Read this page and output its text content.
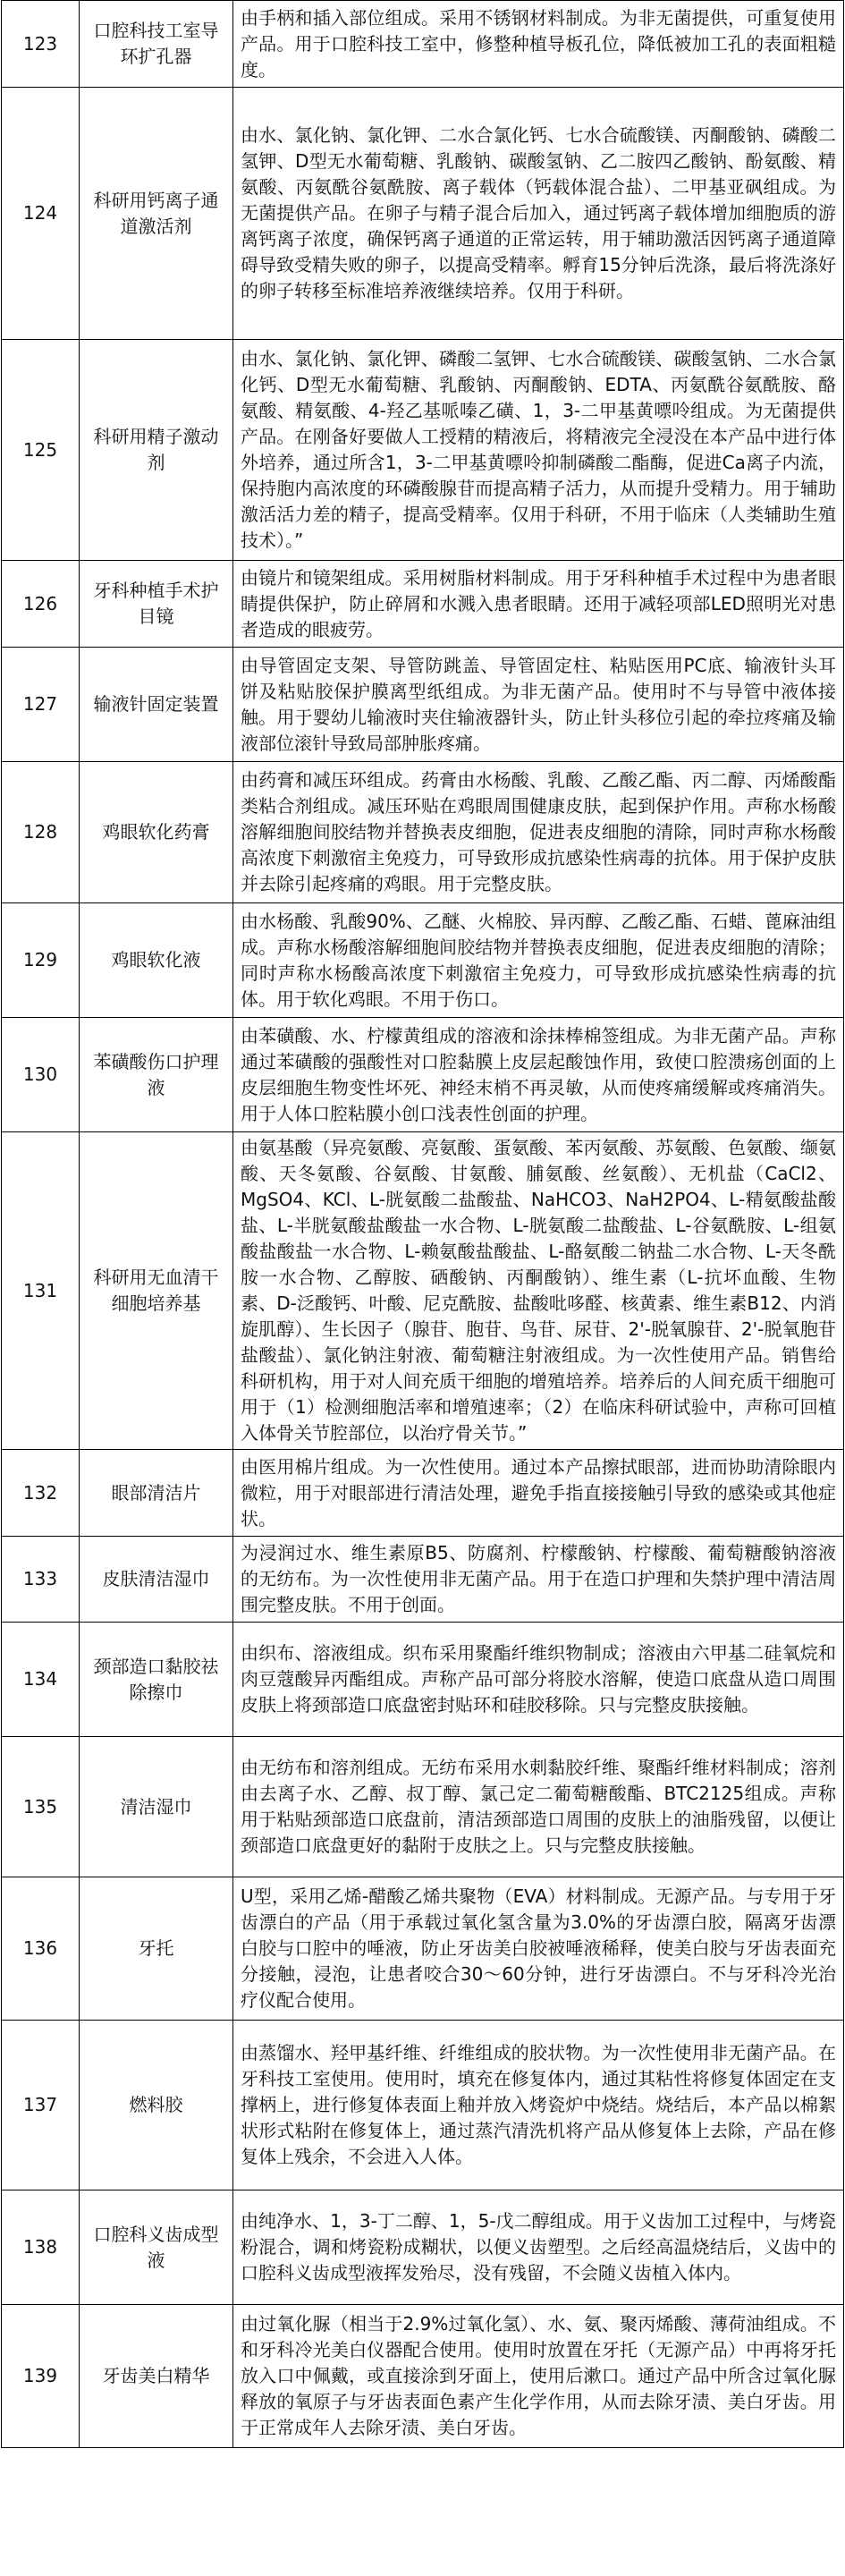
123	口腔科技工室导环扩孔器	由手柄和插入部位组成。采用不锈钢材料制成。为非无菌提供，可重复使用产品。用于口腔科技工室中，修整种植导板孔位，降低被加工孔的表面粗糙度。
124	科研用钙离子通道激活剂	由水、氯化钠、氯化钾、二水合氯化钙、七水合硫酸镁、丙酮酸钠、磷酸二氢钾、D型无水葡萄糖、乳酸钠、碳酸氢钠、乙二胺四乙酸钠、酚氨酸、精氨酸、丙氨酰谷氨酰胺、离子载体（钙载体混合盐）、二甲基亚砜组成。为无菌提供产品。在卵子与精子混合后加入，通过钙离子载体增加细胞质的游离钙离子浓度，确保钙离子通道的正常运转，用于辅助激活因钙离子通道障碍导致受精失败的卵子，以提高受精率。孵育15分钟后洗涤，最后将洗涤好的卵子转移至标准培养液继续培养。仅用于科研。
125	科研用精子激动剂	由水、氯化钠、氯化钾、磷酸二氢钾、七水合硫酸镁、碳酸氢钠、二水合氯化钙、D型无水葡萄糖、乳酸钠、丙酮酸钠、EDTA、丙氨酰谷氨酰胺、酪氨酸、精氨酸、4-羟乙基哌嗪乙磺、1，3-二甲基黄嘌呤组成。为无菌提供产品。在刚备好要做人工授精的精液后，将精液完全浸没在本产品中进行体外培养，通过所含1，3-二甲基黄嘌呤抑制磷酸二酯酶，促进Ca离子内流，保持胞内高浓度的环磷酸腺苷而提高精子活力，从而提升受精力。用于辅助激活活力差的精子，提高受精率。仅用于科研，不用于临床（人类辅助生殖技术）。”
126	牙科种植手术护目镜	由镜片和镜架组成。采用树脂材料制成。用于牙科种植手术过程中为患者眼睛提供保护，防止碎屑和水溅入患者眼睛。还用于减轻项部LED照明光对患者造成的眼疲劳。
127	输液针固定装置	由导管固定支架、导管防跳盖、导管固定柱、粘贴医用PC底、输液针头耳饼及粘贴胶保护膜离型纸组成。为非无菌产品。使用时不与导管中液体接触。用于婴幼儿输液时夹住输液器针头，防止针头移位引起的牵拉疼痛及输液部位滚针导致局部肿胀疼痛。
128	鸡眼软化药膏	由药膏和减压环组成。药膏由水杨酸、乳酸、乙酸乙酯、丙二醇、丙烯酸酯类粘合剂组成。减压环贴在鸡眼周围健康皮肤，起到保护作用。声称水杨酸溶解细胞间胶结物并替换表皮细胞，促进表皮细胞的清除，同时声称水杨酸高浓度下刺激宿主免疫力，可导致形成抗感染性病毒的抗体。用于保护皮肤并去除引起疼痛的鸡眼。用于完整皮肤。
129	鸡眼软化液	由水杨酸、乳酸90%、乙醚、火棉胶、异丙醇、乙酸乙酯、石蜡、蓖麻油组成。声称水杨酸溶解细胞间胶结物并替换表皮细胞，促进表皮细胞的清除；同时声称水杨酸高浓度下刺激宿主免疫力，可导致形成抗感染性病毒的抗体。用于软化鸡眼。不用于伤口。
130	苯磺酸伤口护理液	由苯磺酸、水、柠檬黄组成的溶液和涂抹棒棉签组成。为非无菌产品。声称通过苯磺酸的强酸性对口腔黏膜上皮层起酸蚀作用，致使口腔溃疡创面的上皮层细胞生物变性坏死、神经末梢不再灵敏，从而使疼痛缓解或疼痛消失。用于人体口腔粘膜小创口浅表性创面的护理。
131	科研用无血清干细胞培养基	由氨基酸（异亮氨酸、亮氨酸、蛋氨酸、苯丙氨酸、苏氨酸、色氨酸、缬氨酸、天冬氨酸、谷氨酸、甘氨酸、脯氨酸、丝氨酸）、无机盐（CaCl2、MgSO4、KCl、L-胱氨酸二盐酸盐、NaHCO3、NaH2PO4、L-精氨酸盐酸盐、L-半胱氨酸盐酸盐一水合物、L-胱氨酸二盐酸盐、L-谷氨酰胺、L-组氨酸盐酸盐一水合物、L-赖氨酸盐酸盐、L-酪氨酸二钠盐二水合物、L-天冬酰胺一水合物、乙醇胺、硒酸钠、丙酮酸钠）、维生素（L-抗坏血酸、生物素、D-泛酸钙、叶酸、尼克酰胺、盐酸吡哆醛、核黄素、维生素B12、内消旋肌醇）、生长因子（腺苷、胞苷、鸟苷、尿苷、2'-脱氧腺苷、2'-脱氧胞苷盐酸盐）、氯化钠注射液、葡萄糖注射液组成。为一次性使用产品。销售给科研机构，用于对人间充质干细胞的增殖培养。培养后的人间充质干细胞可用于（1）检测细胞活率和增殖速率；（2）在临床科研试验中，声称可回植入体骨关节腔部位，以治疗骨关节。”
132	眼部清洁片	由医用棉片组成。为一次性使用。通过本产品擦拭眼部，进而协助清除眼内微粒，用于对眼部进行清洁处理，避免手指直接接触引导致的感染或其他症状。
133	皮肤清洁湿巾	为浸润过水、维生素原B5、防腐剂、柠檬酸钠、柠檬酸、葡萄糖酸钠溶液的无纺布。为一次性使用非无菌产品。用于在造口护理和失禁护理中清洁周围完整皮肤。不用于创面。
134	颈部造口黏胶祛除擦巾	由织布、溶液组成。织布采用聚酯纤维织物制成；溶液由六甲基二硅氧烷和肉豆蔻酸异丙酯组成。声称产品可部分将胶水溶解，使造口底盘从造口周围皮肤上将颈部造口底盘密封贴环和硅胶移除。只与完整皮肤接触。
135	清洁湿巾	由无纺布和溶剂组成。无纺布采用水刺黏胶纤维、聚酯纤维材料制成；溶剂由去离子水、乙醇、叔丁醇、氯己定二葡萄糖酸酯、BTC2125组成。声称用于粘贴颈部造口底盘前，清洁颈部造口周围的皮肤上的油脂残留，以便让颈部造口底盘更好的黏附于皮肤之上。只与完整皮肤接触。
136	牙托	U型，采用乙烯-醋酸乙烯共聚物（EVA）材料制成。无源产品。与专用于牙齿漂白的产品（用于承载过氧化氢含量为3.0%的牙齿漂白胶，隔离牙齿漂白胶与口腔中的唾液，防止牙齿美白胶被唾液稀释，使美白胶与牙齿表面充分接触，浸泡，让患者咬合30～60分钟，进行牙齿漂白。不与牙科冷光治疗仪配合使用。
137	燃料胶	由蒸馏水、羟甲基纤维、纤维组成的胶状物。为一次性使用非无菌产品。在牙科技工室使用。使用时，填充在修复体内，通过其粘性将修复体固定在支撑柄上，进行修复体表面上釉并放入烤瓷炉中烧结。烧结后，本产品以棉絮状形式粘附在修复体上，通过蒸汽清洗机将产品从修复体上去除，产品在修复体上残余，不会进入人体。
138	口腔科义齿成型液	由纯净水、1，3-丁二醇、1，5-戊二醇组成。用于义齿加工过程中，与烤瓷粉混合，调和烤瓷粉成糊状，以便义齿塑型。之后经高温烧结后，义齿中的口腔科义齿成型液挥发殆尽，没有残留，不会随义齿植入体内。
139	牙齿美白精华	由过氧化脲（相当于2.9%过氧化氢）、水、氨、聚丙烯酸、薄荷油组成。不和牙科冷光美白仪器配合使用。使用时放置在牙托（无源产品）中再将牙托放入口中佩戴，或直接涂到牙面上，使用后漱口。通过产品中所含过氧化脲释放的氧原子与牙齿表面色素产生化学作用，从而去除牙渍、美白牙齿。用于正常成年人去除牙渍、美白牙齿。
